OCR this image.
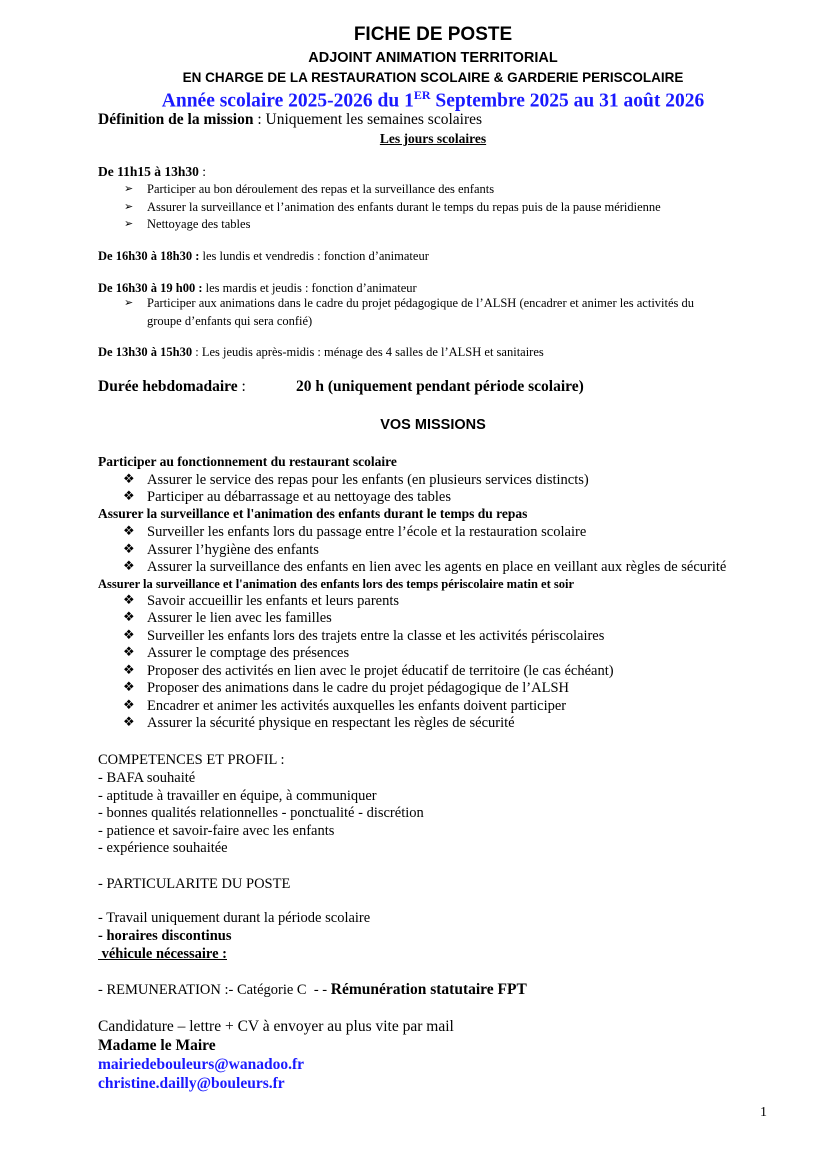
FICHE DE POSTE
ADJOINT ANIMATION TERRITORIAL
EN CHARGE DE LA RESTAURATION SCOLAIRE & GARDERIE PERISCOLAIRE
Année scolaire 2025-2026 du 1ER Septembre 2025 au 31 août 2026
Définition de la mission : Uniquement les semaines scolaires
Les jours scolaires
De 11h15 à 13h30 :
➢ Participer au bon déroulement des repas et la surveillance des enfants
➢ Assurer la surveillance et l’animation des enfants durant le temps du repas puis de la pause méridienne
➢ Nettoyage des tables
De 16h30 à 18h30 : les lundis et vendredis : fonction d’animateur
De 16h30 à 19 h00 : les mardis et jeudis : fonction d’animateur
➢ Participer aux animations dans le cadre du projet pédagogique de l’ALSH (encadrer et animer les activités du
groupe d’enfants qui sera confié)
De 13h30 à 15h30 : Les jeudis après-midis : ménage des 4 salles de l’ALSH et sanitaires
Durée hebdomadaire :	20 h (uniquement pendant période scolaire)
VOS MISSIONS
Participer au fonctionnement du restaurant scolaire
❖ Assurer le service des repas pour les enfants (en plusieurs services distincts)
❖ Participer au débarrassage et au nettoyage des tables
Assurer la surveillance et l'animation des enfants durant le temps du repas
❖ Surveiller les enfants lors du passage entre l’école et la restauration scolaire
❖ Assurer l’hygiène des enfants
❖ Assurer la surveillance des enfants en lien avec les agents en place en veillant aux règles de sécurité
Assurer la surveillance et l'animation des enfants lors des temps périscolaire matin et soir
❖ Savoir accueillir les enfants et leurs parents
❖ Assurer le lien avec les familles
❖ Surveiller les enfants lors des trajets entre la classe et les activités périscolaires
❖ Assurer le comptage des présences
❖ Proposer des activités en lien avec le projet éducatif de territoire (le cas échéant)
❖ Proposer des animations dans le cadre du projet pédagogique de l’ALSH
❖ Encadrer et animer les activités auxquelles les enfants doivent participer
❖ Assurer la sécurité physique en respectant les règles de sécurité
COMPETENCES ET PROFIL :
- BAFA souhaité
- aptitude à travailler en équipe, à communiquer
- bonnes qualités relationnelles - ponctualité - discrétion
- patience et savoir-faire avec les enfants
- expérience souhaitée
- PARTICULARITE DU POSTE
- Travail uniquement durant la période scolaire
- horaires discontinus
véhicule nécessaire :
- REMUNERATION :- Catégorie C  - - Rémunération statutaire FPT
Candidature – lettre + CV à envoyer au plus vite par mail
Madame le Maire
mairiedebouleurs@wanadoo.fr
christine.dailly@bouleurs.fr
1
